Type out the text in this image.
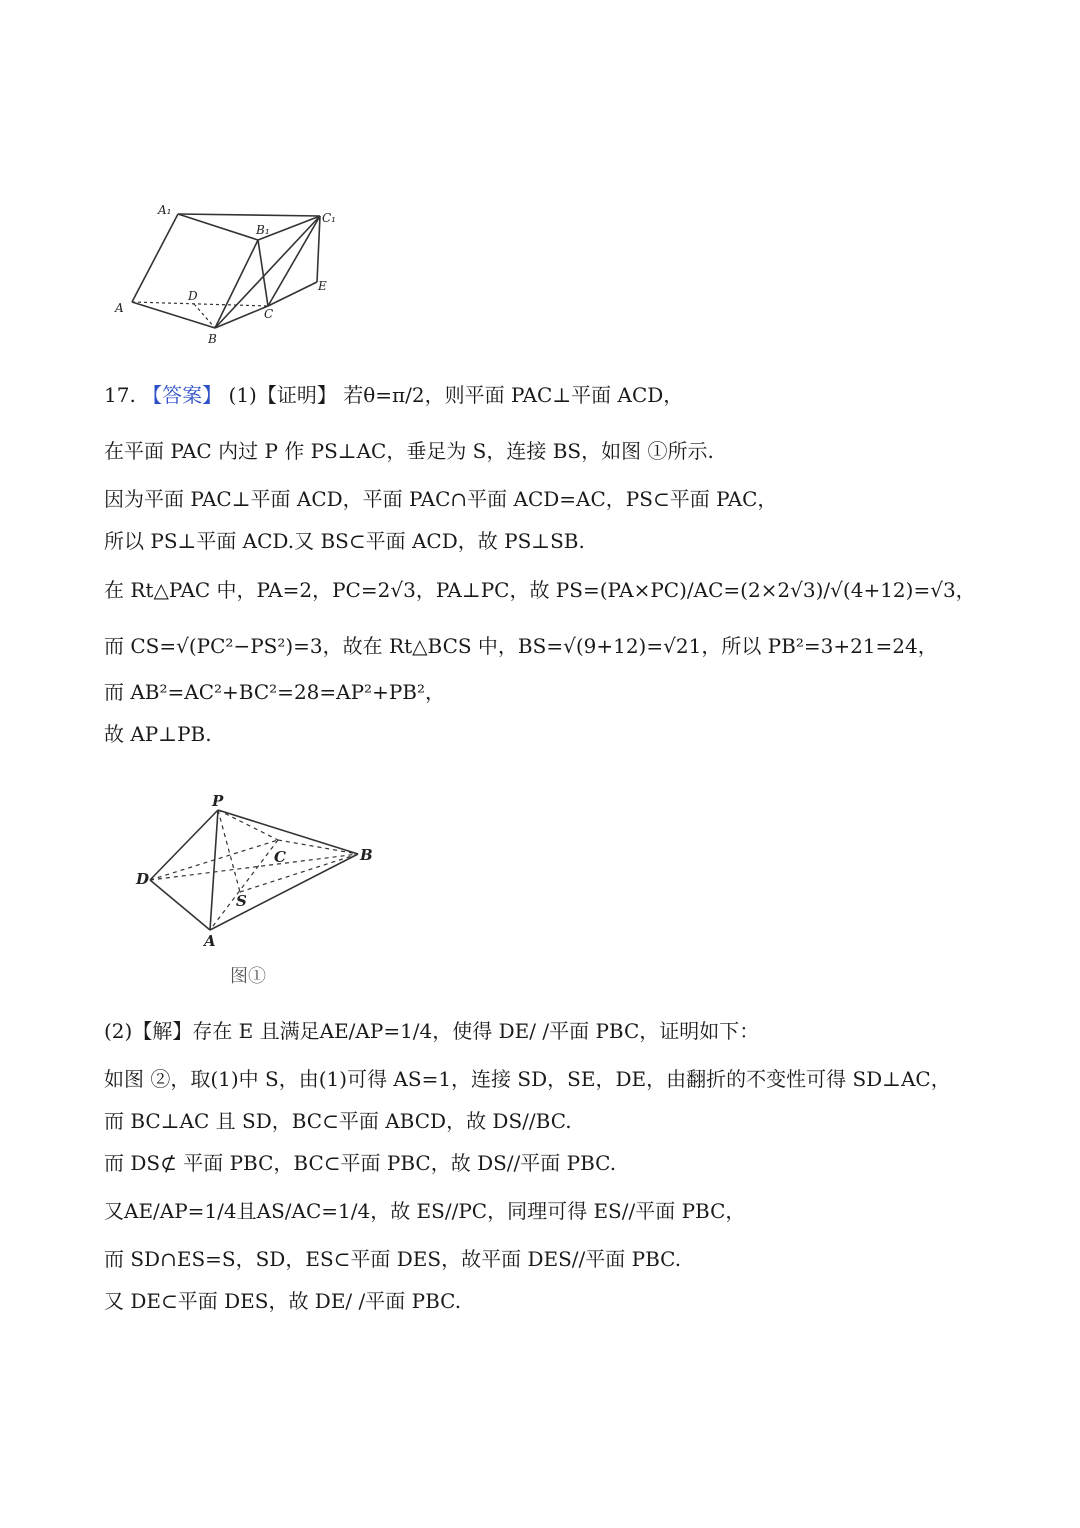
A₁
B₁
C₁
A
B
C
D
E
17. 【答案】 (1)【证明】 若θ=π/2，则平面 PAC⊥平面 ACD，
在平面 PAC 内过 P 作 PS⊥AC，垂足为 S，连接 BS，如图 ①所示.
因为平面 PAC⊥平面 ACD，平面 PAC∩平面 ACD=AC，PS⊂平面 PAC，
所以 PS⊥平面 ACD.又 BS⊂平面 ACD，故 PS⊥SB.
在 Rt△PAC 中，PA=2，PC=2√3，PA⊥PC，故 PS=(PA×PC)/AC=(2×2√3)/√(4+12)=√3，
而 CS=√(PC²−PS²)=3，故在 Rt△BCS 中，BS=√(9+12)=√21，所以 PB²=3+21=24，
而 AB²=AC²+BC²=28=AP²+PB²，
故 AP⊥PB.
P
C	B
D
S
A
图①
(2)【解】存在 E 且满足AE/AP=1/4，使得 DE/ /平面 PBC，证明如下：
如图 ②，取(1)中 S，由(1)可得 AS=1，连接 SD，SE，DE，由翻折的不变性可得 SD⊥AC，
而 BC⊥AC 且 SD，BC⊂平面 ABCD，故 DS//BC.
而 DS⊄ 平面 PBC，BC⊂平面 PBC，故 DS//平面 PBC.
又AE/AP=1/4且AS/AC=1/4，故 ES//PC，同理可得 ES//平面 PBC，
而 SD∩ES=S，SD，ES⊂平面 DES，故平面 DES//平面 PBC.
又 DE⊂平面 DES，故 DE/ /平面 PBC.
